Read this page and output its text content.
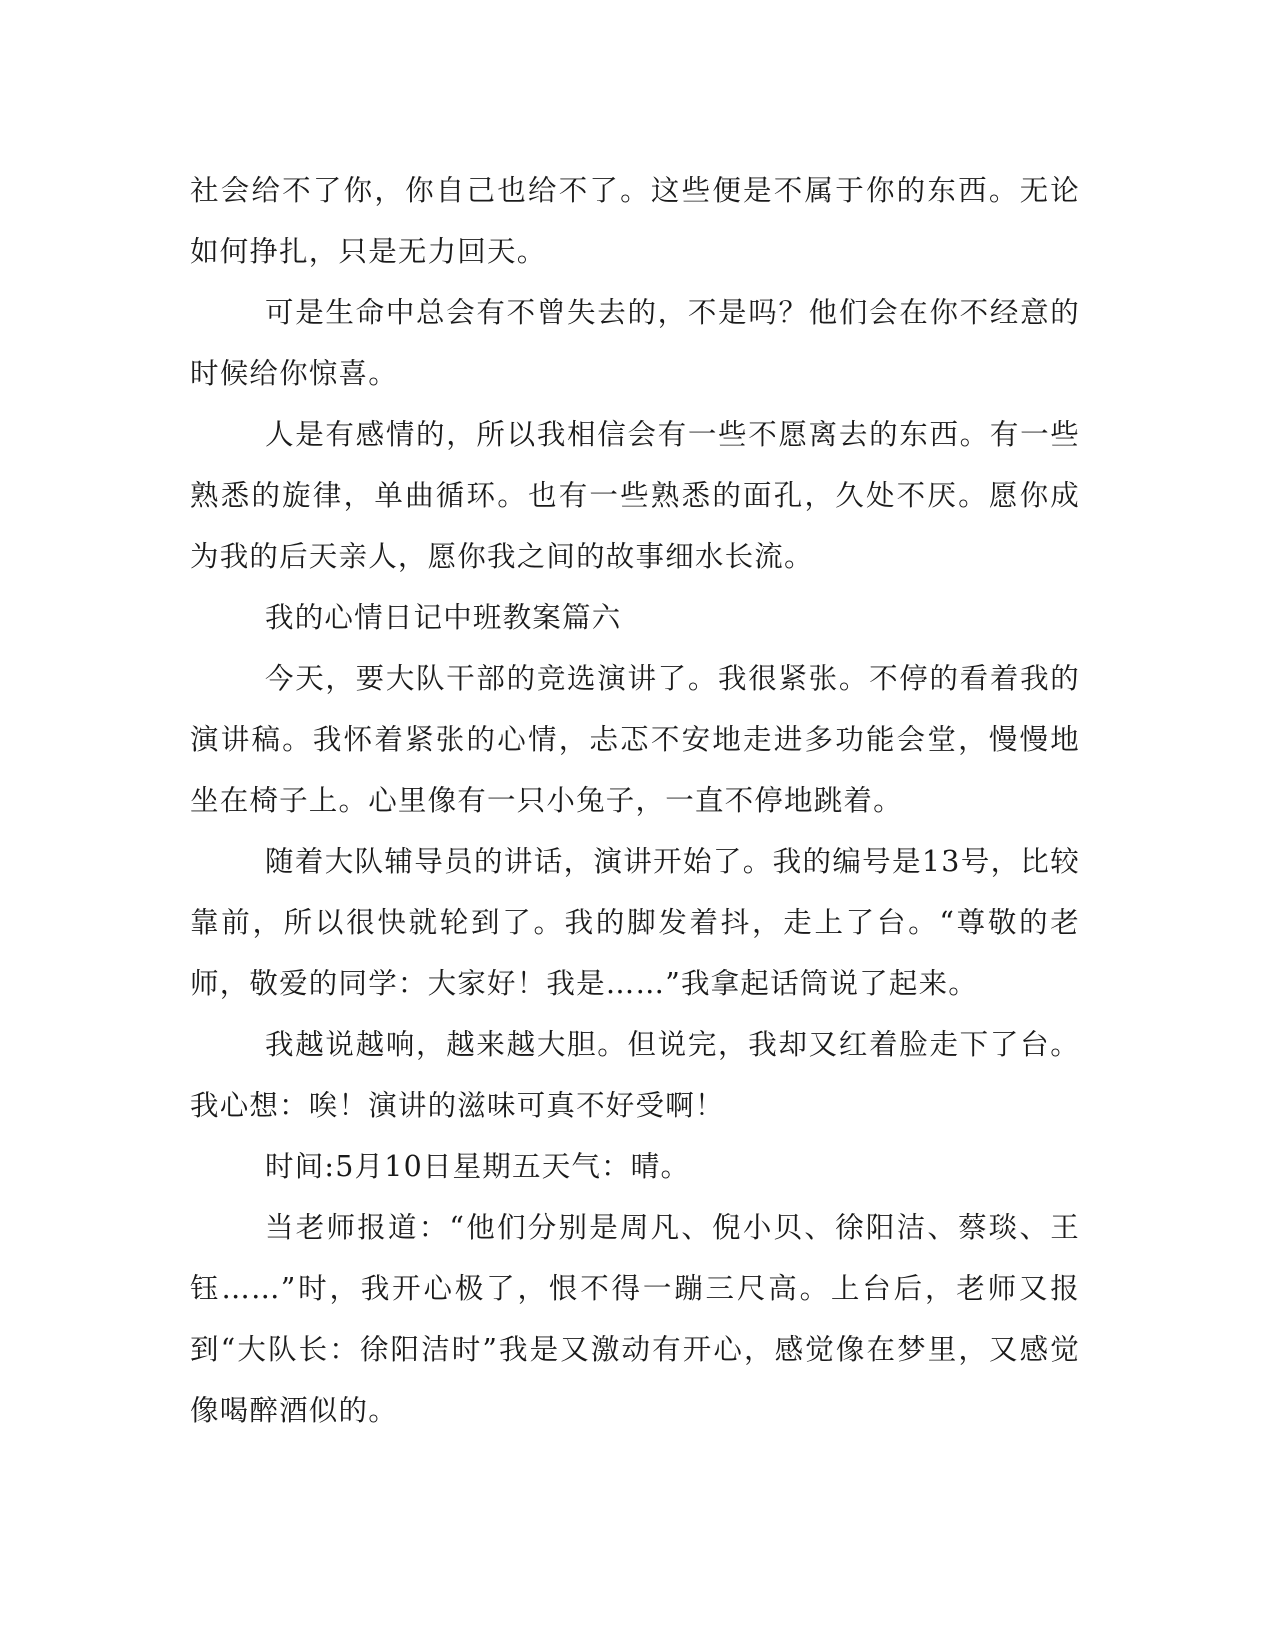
社会给不了你，你自己也给不了。这些便是不属于你的东西。无论如何挣扎，只是无力回天。

可是生命中总会有不曾失去的，不是吗？他们会在你不经意的时候给你惊喜。

人是有感情的，所以我相信会有一些不愿离去的东西。有一些熟悉的旋律，单曲循环。也有一些熟悉的面孔，久处不厌。愿你成为我的后天亲人，愿你我之间的故事细水长流。

我的心情日记中班教案篇六

今天，要大队干部的竞选演讲了。我很紧张。不停的看着我的演讲稿。我怀着紧张的心情，忐忑不安地走进多功能会堂，慢慢地坐在椅子上。心里像有一只小兔子，一直不停地跳着。

随着大队辅导员的讲话，演讲开始了。我的编号是13号，比较靠前，所以很快就轮到了。我的脚发着抖，走上了台。“尊敬的老师，敬爱的同学：大家好！我是……”我拿起话筒说了起来。

我越说越响，越来越大胆。但说完，我却又红着脸走下了台。我心想：唉！演讲的滋味可真不好受啊！

时间:5月10日星期五天气：晴。

当老师报道：“他们分别是周凡、倪小贝、徐阳洁、蔡琰、王钰……”时，我开心极了，恨不得一蹦三尺高。上台后，老师又报到“大队长：徐阳洁时”我是又激动有开心，感觉像在梦里，又感觉像喝醉酒似的。
